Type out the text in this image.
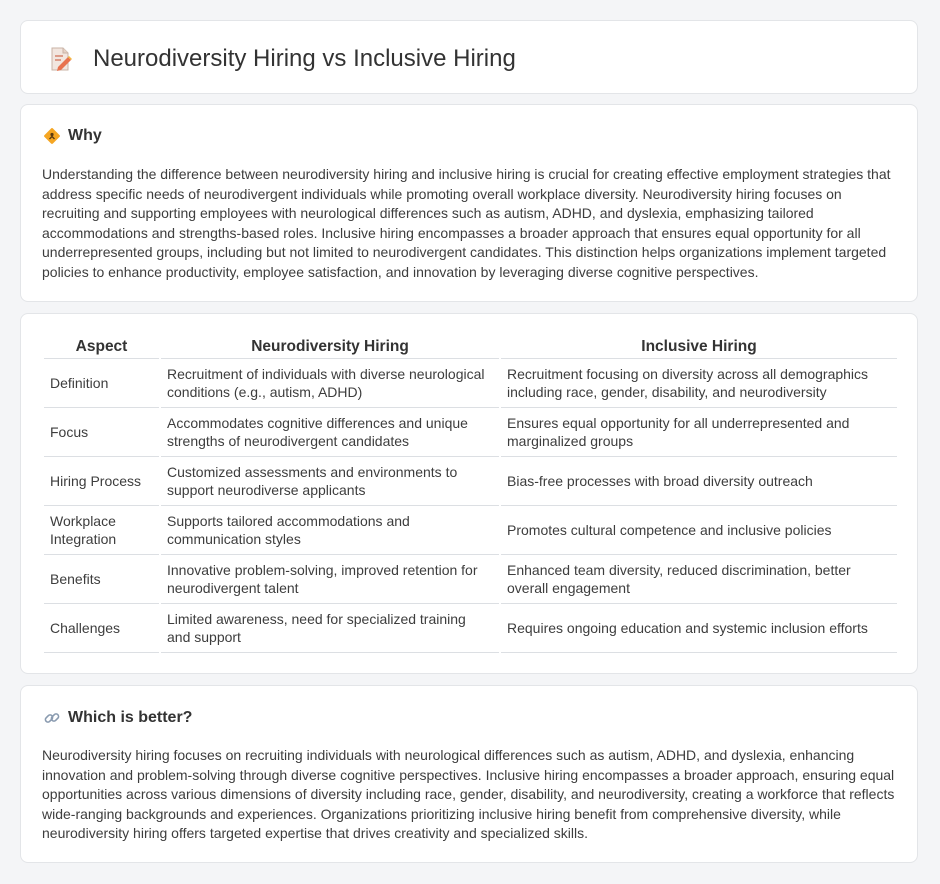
Neurodiversity Hiring vs Inclusive Hiring
Why

Understanding the difference between neurodiversity hiring and inclusive hiring is crucial for creating effective employment strategies that address specific needs of neurodivergent individuals while promoting overall workplace diversity. Neurodiversity hiring focuses on recruiting and supporting employees with neurological differences such as autism, ADHD, and dyslexia, emphasizing tailored accommodations and strengths-based roles. Inclusive hiring encompasses a broader approach that ensures equal opportunity for all underrepresented groups, including but not limited to neurodivergent candidates. This distinction helps organizations implement targeted policies to enhance productivity, employee satisfaction, and innovation by leveraging diverse cognitive perspectives.

Aspect	Neurodiversity Hiring	Inclusive Hiring
Definition	Recruitment of individuals with diverse neurological conditions (e.g., autism, ADHD)	Recruitment focusing on diversity across all demographics including race, gender, disability, and neurodiversity
Focus	Accommodates cognitive differences and unique strengths of neurodivergent candidates	Ensures equal opportunity for all underrepresented and marginalized groups
Hiring Process	Customized assessments and environments to support neurodiverse applicants	Bias-free processes with broad diversity outreach
Workplace Integration	Supports tailored accommodations and communication styles	Promotes cultural competence and inclusive policies
Benefits	Innovative problem-solving, improved retention for neurodivergent talent	Enhanced team diversity, reduced discrimination, better overall engagement
Challenges	Limited awareness, need for specialized training and support	Requires ongoing education and systemic inclusion efforts
Which is better?

Neurodiversity hiring focuses on recruiting individuals with neurological differences such as autism, ADHD, and dyslexia, enhancing innovation and problem-solving through diverse cognitive perspectives. Inclusive hiring encompasses a broader approach, ensuring equal opportunities across various dimensions of diversity including race, gender, disability, and neurodiversity, creating a workforce that reflects wide-ranging backgrounds and experiences. Organizations prioritizing inclusive hiring benefit from comprehensive diversity, while neurodiversity hiring offers targeted expertise that drives creativity and specialized skills.
